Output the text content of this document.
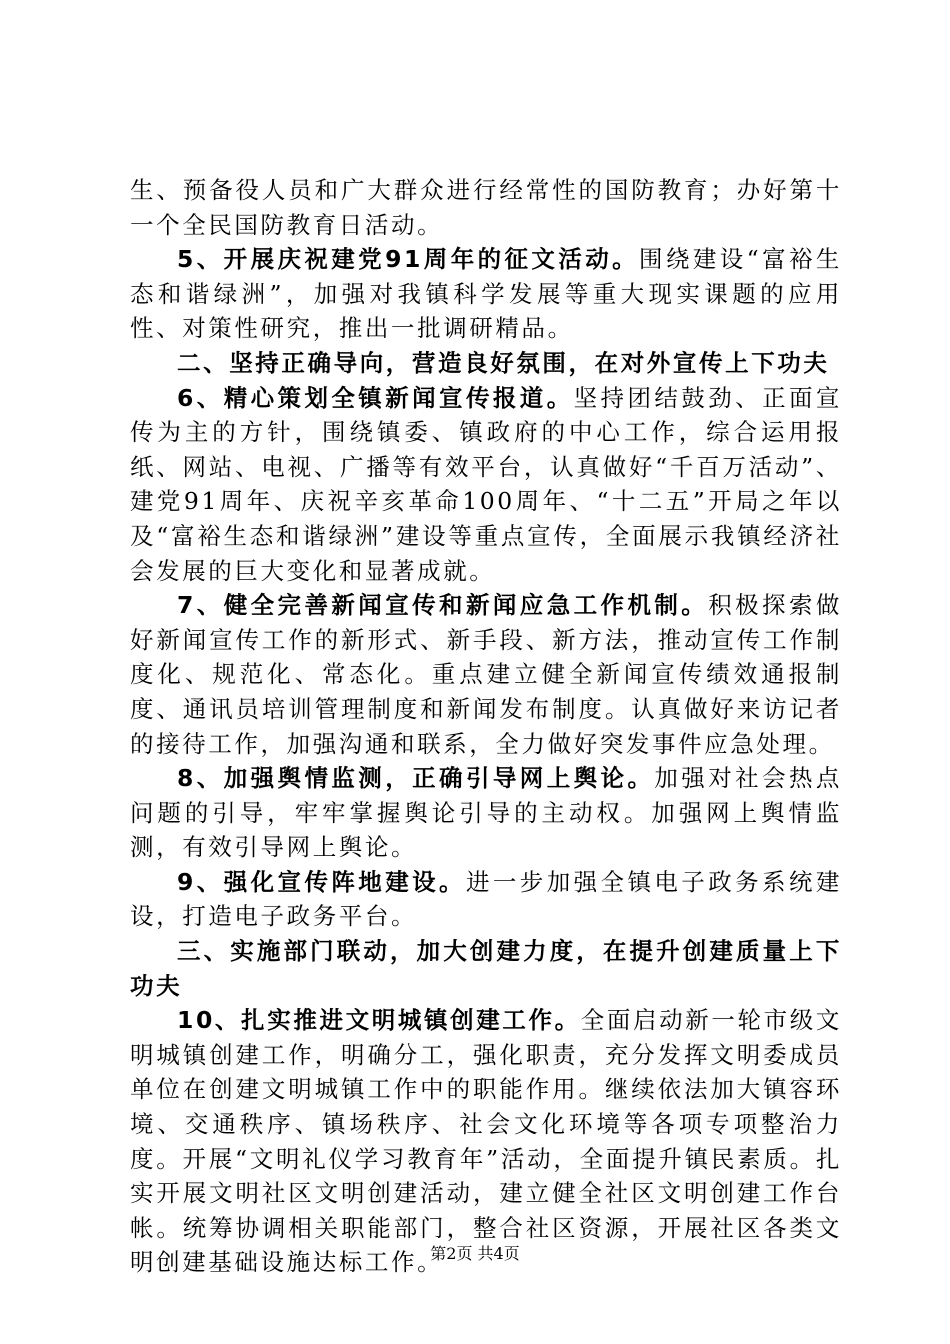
生、预备役人员和广大群众进行经常性的国防教育；办好第十一个全民国防教育日活动。

5、开展庆祝建党91周年的征文活动。围绕建设“富裕生态和谐绿洲”，加强对我镇科学发展等重大现实课题的应用性、对策性研究，推出一批调研精品。

二、坚持正确导向，营造良好氛围，在对外宣传上下功夫

6、精心策划全镇新闻宣传报道。坚持团结鼓劲、正面宣传为主的方针，围绕镇委、镇政府的中心工作，综合运用报纸、网站、电视、广播等有效平台，认真做好“千百万活动”、建党91周年、庆祝辛亥革命100周年、“十二五”开局之年以及“富裕生态和谐绿洲”建设等重点宣传，全面展示我镇经济社会发展的巨大变化和显著成就。

7、健全完善新闻宣传和新闻应急工作机制。积极探索做好新闻宣传工作的新形式、新手段、新方法，推动宣传工作制度化、规范化、常态化。重点建立健全新闻宣传绩效通报制度、通讯员培训管理制度和新闻发布制度。认真做好来访记者的接待工作，加强沟通和联系，全力做好突发事件应急处理。

8、加强舆情监测，正确引导网上舆论。加强对社会热点问题的引导，牢牢掌握舆论引导的主动权。加强网上舆情监测，有效引导网上舆论。

9、强化宣传阵地建设。进一步加强全镇电子政务系统建设，打造电子政务平台。

三、实施部门联动，加大创建力度，在提升创建质量上下功夫

10、扎实推进文明城镇创建工作。全面启动新一轮市级文明城镇创建工作，明确分工，强化职责，充分发挥文明委成员单位在创建文明城镇工作中的职能作用。继续依法加大镇容环境、交通秩序、镇场秩序、社会文化环境等各项专项整治力度。开展“文明礼仪学习教育年”活动，全面提升镇民素质。扎实开展文明社区文明创建活动，建立健全社区文明创建工作台帐。统筹协调相关职能部门，整合社区资源，开展社区各类文明创建基础设施达标工作。

第2页 共4页
